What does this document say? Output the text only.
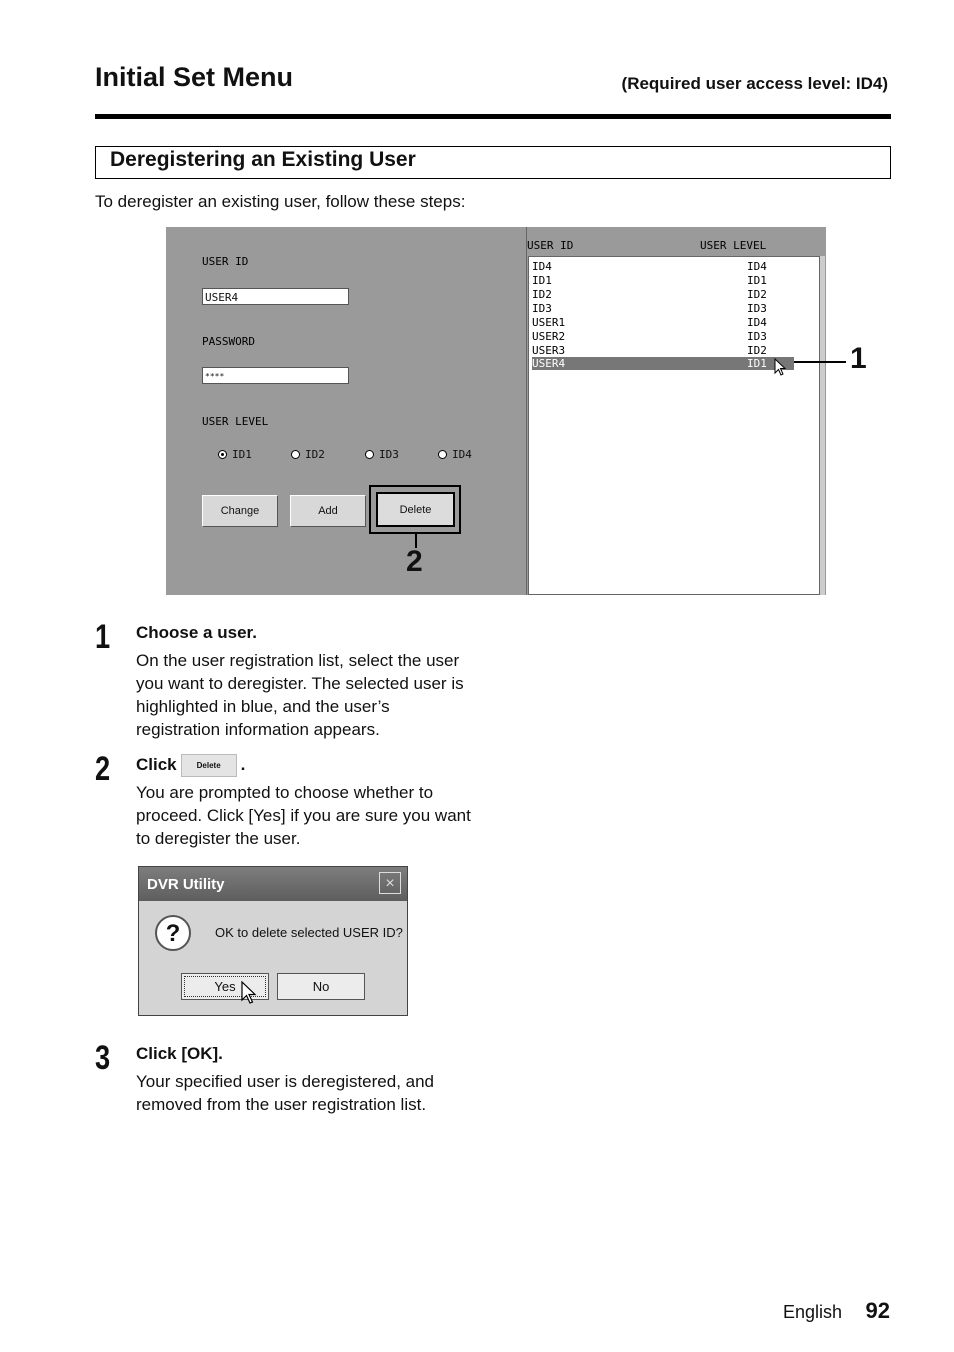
Initial Set Menu	(Required user access level: ID4)
Deregistering an Existing User
To deregister an existing user, follow these steps:
USER ID
USER4
PASSWORD
****
USER LEVEL
ID1	ID2	ID3	ID4
Change	Add	Delete
2
USER ID	USER LEVEL
ID4	ID4
ID1	ID1
ID2	ID2
ID3	ID3
USER1	ID4
USER2	ID3
USER3	ID2
USER4	ID1	1
1 Choose a user.
On the user registration list, select the user you want to deregister. The selected user is highlighted in blue, and the user’s registration information appears.
2 Click Delete .
You are prompted to choose whether to proceed. Click [Yes] if you are sure you want to deregister the user.
DVR Utility	×
?	OK to delete selected USER ID?
Yes	No
3 Click [OK].
Your specified user is deregistered, and removed from the user registration list.
English 92
